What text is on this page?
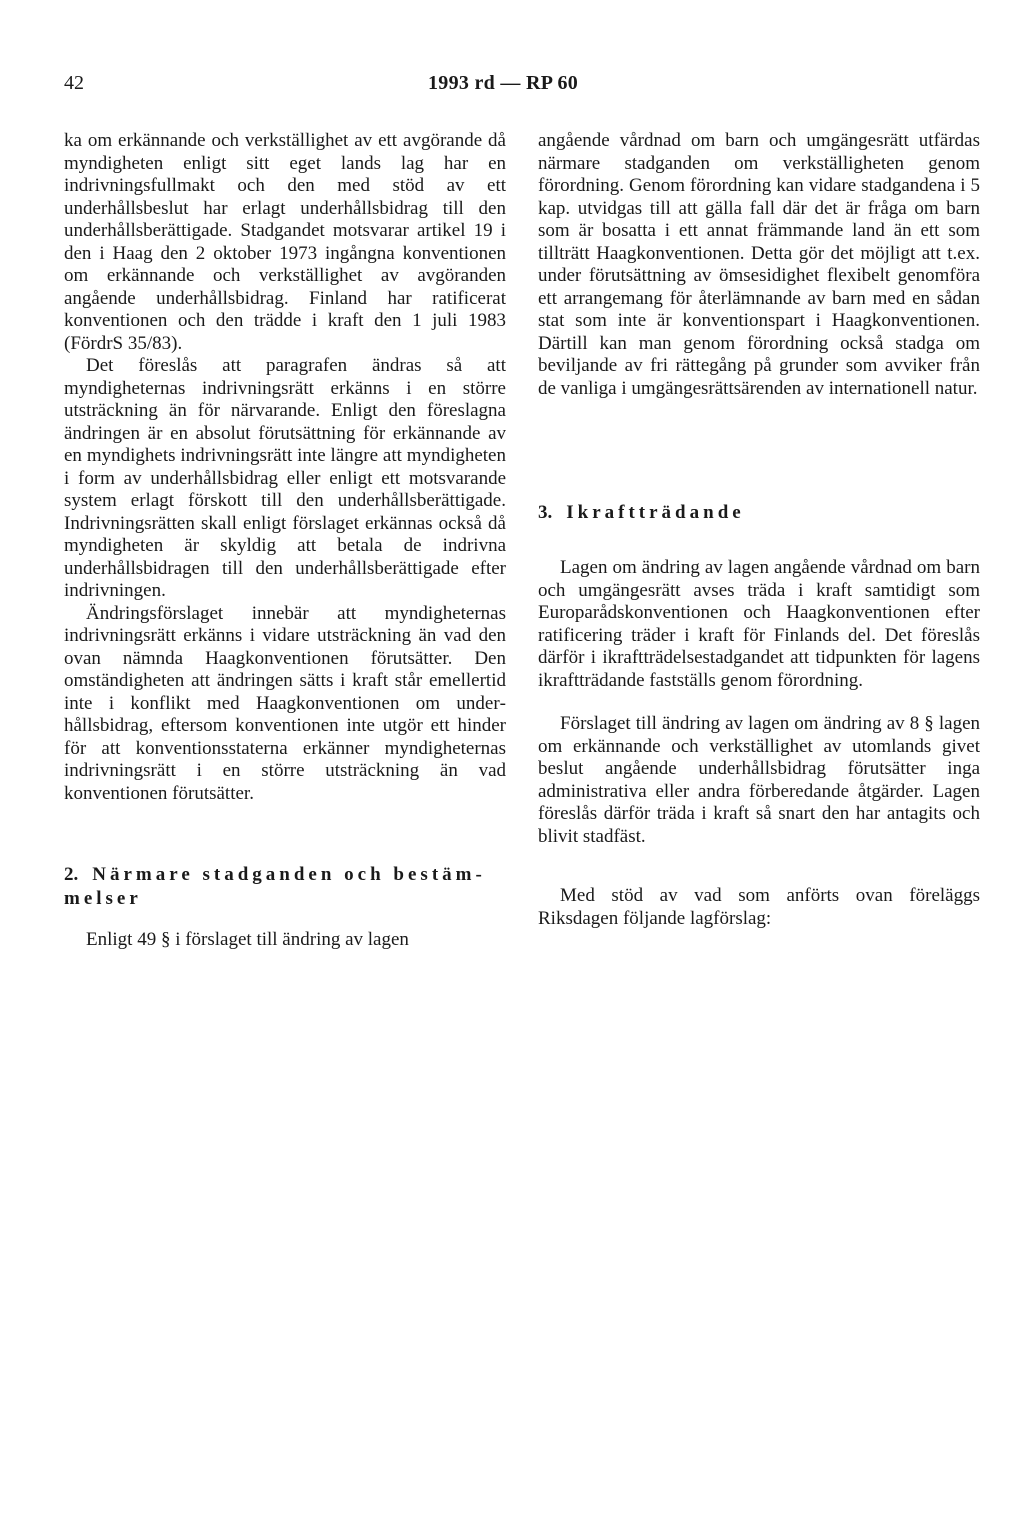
42	1993 rd — RP 60

ka om erkännande och verkställighet av ett avgörande då myndigheten enligt sitt eget lands lag har en indrivningsfullmakt och den med stöd av ett underhållsbeslut har erlagt underhållsbidrag till den underhållsberättigade. Stadgandet motsvarar artikel 19 i den i Haag den 2 oktober 1973 ingångna konventionen om erkännande och verkställighet av avgöranden angående underhållsbidrag. Finland har ratificerat konventionen och den trädde i kraft den 1 juli 1983 (FördrS 35/83).

Det föreslås att paragrafen ändras så att myndigheternas indrivningsrätt erkänns i en större utsträckning än för närvarande. Enligt den föreslagna ändringen är en absolut förutsättning för erkännande av en myndighets indrivningsrätt inte längre att myndigheten i form av underhållsbidrag eller enligt ett motsvarande system erlagt förskott till den underhållsberättigade. Indrivningsrätten skall enligt förslaget erkännas också då myndigheten är skyldig att betala de indrivna underhållsbidragen till den underhållsberättigade efter indrivningen.

Ändringsförslaget innebär att myndigheternas indrivningsrätt erkänns i vidare utsträckning än vad den ovan nämnda Haagkonventionen förutsätter. Den omständigheten att ändringen sätts i kraft står emellertid inte i konflikt med Haagkonventionen om underhållsbidrag, eftersom konventionen inte utgör ett hinder för att konventionsstaterna erkänner myndigheternas indrivningsrätt i en större utsträckning än vad konventionen förutsätter.

2. Närmare stadganden och bestämmelser

Enligt 49 § i förslaget till ändring av lagen

angående vårdnad om barn och umgängesrätt utfärdas närmare stadganden om verkställigheten genom förordning. Genom förordning kan vidare stadgandena i 5 kap. utvidgas till att gälla fall där det är fråga om barn som är bosatta i ett annat främmande land än ett som tillträtt Haagkonventionen. Detta gör det möjligt att t.ex. under förutsättning av ömsesidighet flexibelt genomföra ett arrangemang för återlämnande av barn med en sådan stat som inte är konventionspart i Haagkonventionen. Därtill kan man genom förordning också stadga om beviljande av fri rättegång på grunder som avviker från de vanliga i umgängesrättsärenden av internationell natur.

3. Ikraftträdande

Lagen om ändring av lagen angående vårdnad om barn och umgängesrätt avses träda i kraft samtidigt som Europarådskonventionen och Haagkonventionen efter ratificering träder i kraft för Finlands del. Det föreslås därför i ikraftträdelsestadgandet att tidpunkten för lagens ikraftträdande fastställs genom förordning.

Förslaget till ändring av lagen om ändring av 8 § lagen om erkännande och verkställighet av utomlands givet beslut angående underhållsbidrag förutsätter inga administrativa eller andra förberedande åtgärder. Lagen föreslås därför träda i kraft så snart den har antagits och blivit stadfäst.

Med stöd av vad som anförts ovan föreläggs Riksdagen följande lagförslag:
